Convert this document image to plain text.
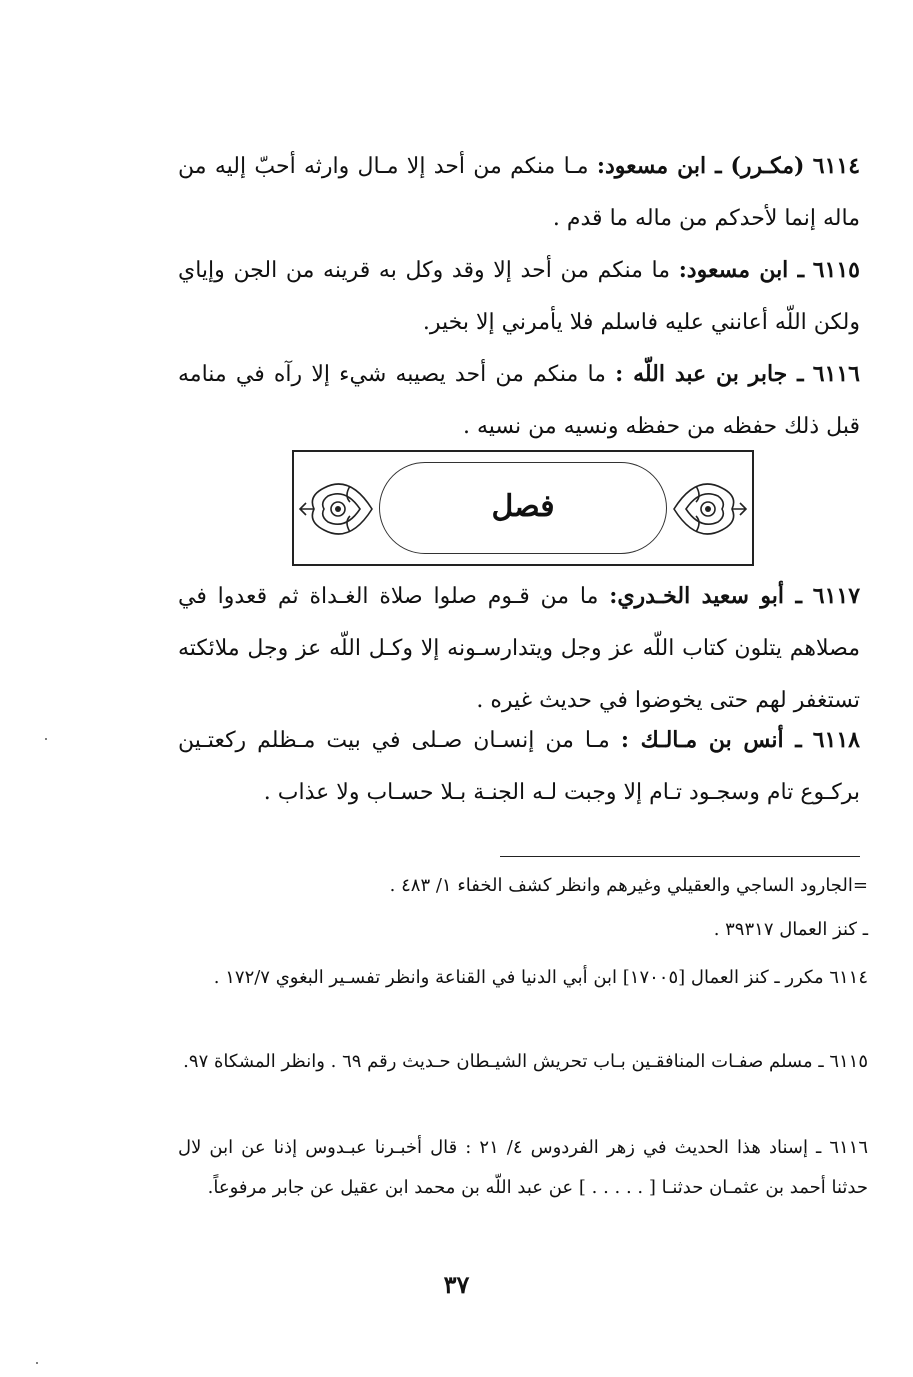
٦١١٤ (مكـرر) ـ ابن مسعود: مـا منكم من أحد إلا مـال وارثه أحبّ إليه من ماله إنما لأحدكم من ماله ما قدم .

٦١١٥ ـ ابن مسعود: ما منكم من أحد إلا وقد وكل به قرينه من الجن وإياي ولكن اللّه أعانني عليه فاسلم فلا يأمرني إلا بخير.

٦١١٦ ـ جابر بن عبد اللّه : ما منكم من أحد يصيبه شيء إلا رآه في منامه قبل ذلك حفظه من حفظه ونسيه من نسيه .

فصل

٦١١٧ ـ أبو سعيد الخـدري: ما من قـوم صلوا صلاة الغـداة ثم قعدوا في مصلاهم يتلون كتاب اللّه عز وجل ويتدارسـونه إلا وكـل اللّه عز وجل ملائكته تستغفر لهم حتى يخوضوا في حديث غيره .

٦١١٨ ـ أنس بن مـالـك : مـا من إنسـان صـلى في بيت مـظلم ركعتـين بركـوع تام وسجـود تـام إلا وجبت لـه الجنـة بـلا حسـاب ولا عذاب .

=الجارود الساجي والعقيلي وغيرهم وانظر كشف الخفاء ١/ ٤٨٣ .

ـ كنز العمال ٣٩٣١٧ .

٦١١٤ مكرر ـ كنز العمال [١٧٠٠٥] ابن أبي الدنيا في القناعة وانظر تفسـير البغوي ١٧٢/٧ .

٦١١٥ ـ مسلم صفـات المنافقـين بـاب تحريش الشيـطان حـديث رقم ٦٩ . وانظر المشكاة ٩٧.

٦١١٦ ـ إسناد هذا الحديث في زهر الفردوس ٤/ ٢١ : قال أخبـرنا عبـدوس إذنا عن ابن لال حدثنا أحمد بن عثمـان حدثنـا [ . . . . . ] عن عبد اللّه بن محمد ابن عقيل عن جابر مرفوعاً.

٣٧
